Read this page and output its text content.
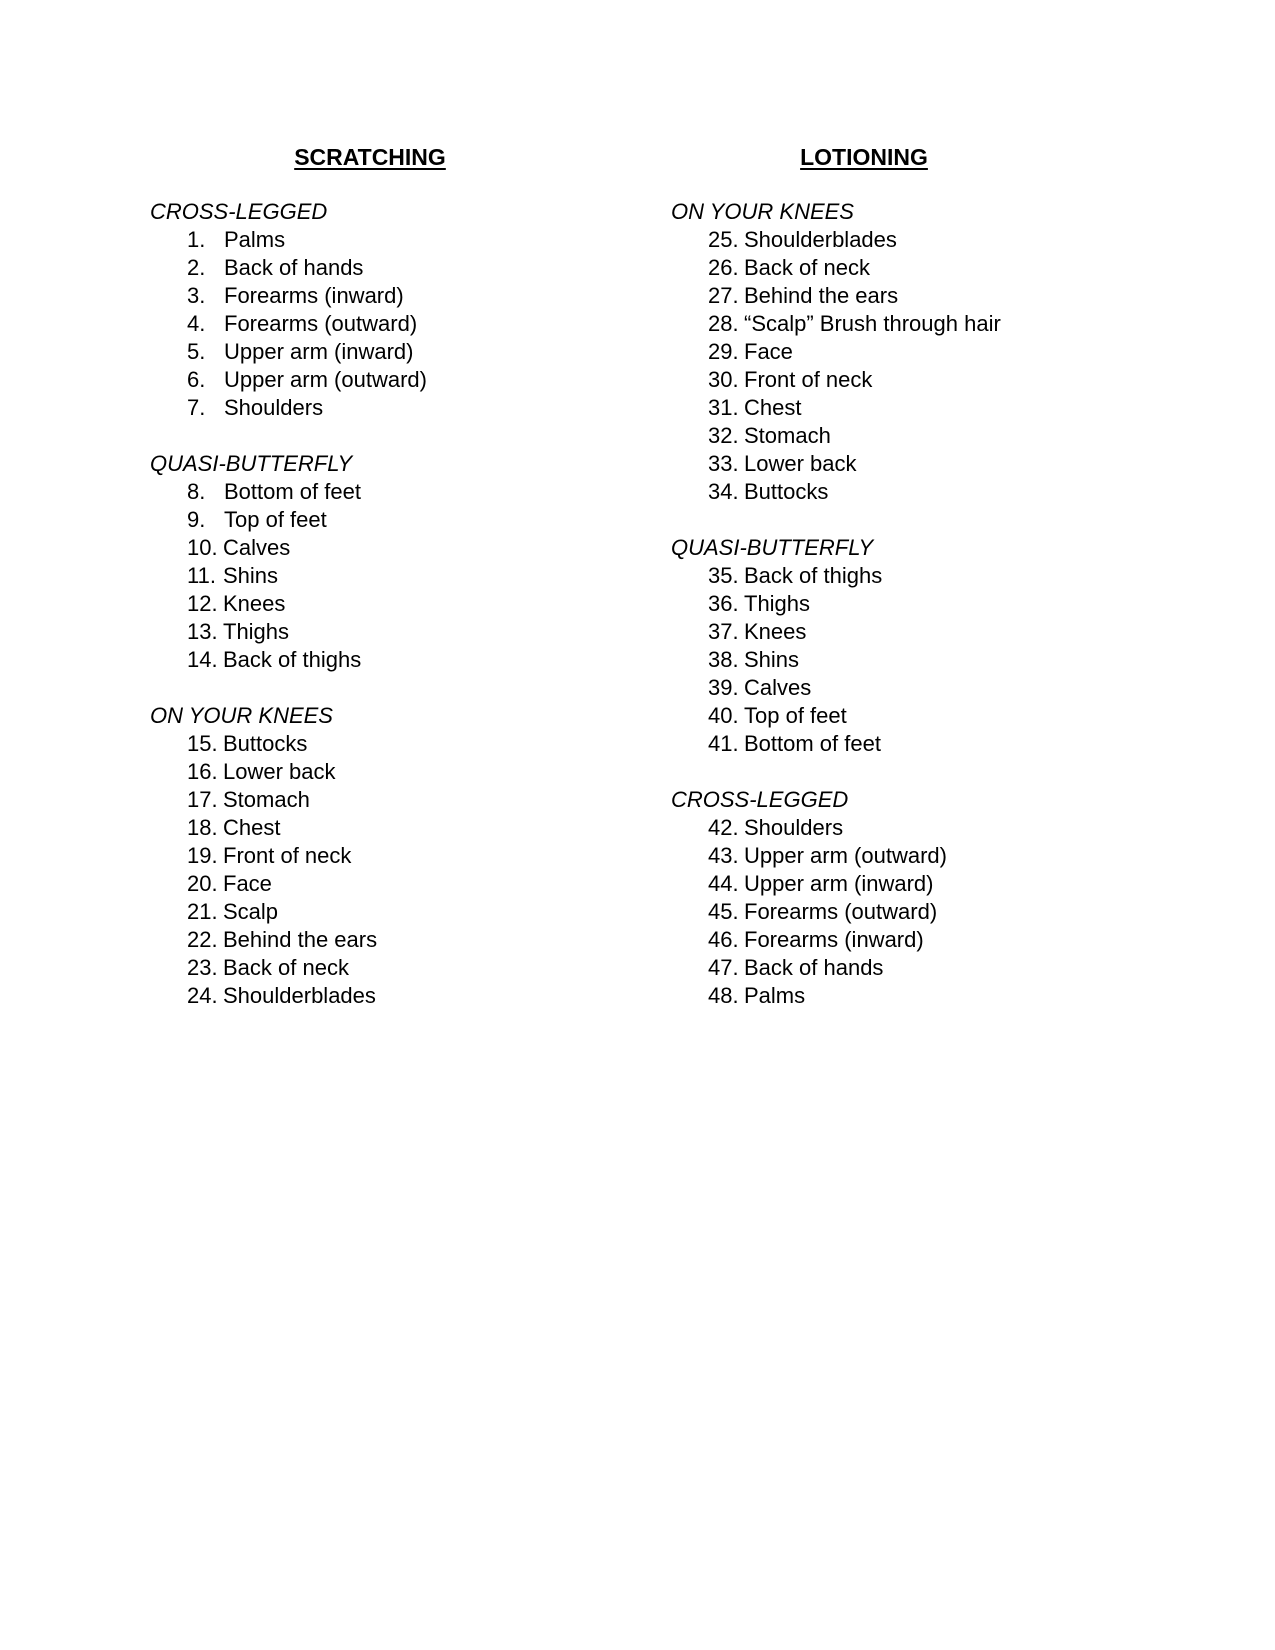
SCRATCHING

CROSS-LEGGED

1. Palms
2. Back of hands
3. Forearms (inward)
4. Forearms (outward)
5. Upper arm (inward)
6. Upper arm (outward)
7. Shoulders

QUASI-BUTTERFLY

8. Bottom of feet
9. Top of feet
10. Calves
11. Shins
12. Knees
13. Thighs
14. Back of thighs

ON YOUR KNEES

15. Buttocks
16. Lower back
17. Stomach
18. Chest
19. Front of neck
20. Face
21. Scalp
22. Behind the ears
23. Back of neck
24. Shoulderblades
LOTIONING

ON YOUR KNEES

25. Shoulderblades
26. Back of neck
27. Behind the ears
28. “Scalp” Brush through hair
29. Face
30. Front of neck
31. Chest
32. Stomach
33. Lower back
34. Buttocks

QUASI-BUTTERFLY

35. Back of thighs
36. Thighs
37. Knees
38. Shins
39. Calves
40. Top of feet
41. Bottom of feet

CROSS-LEGGED

42. Shoulders
43. Upper arm (outward)
44. Upper arm (inward)
45. Forearms (outward)
46. Forearms (inward)
47. Back of hands
48. Palms
